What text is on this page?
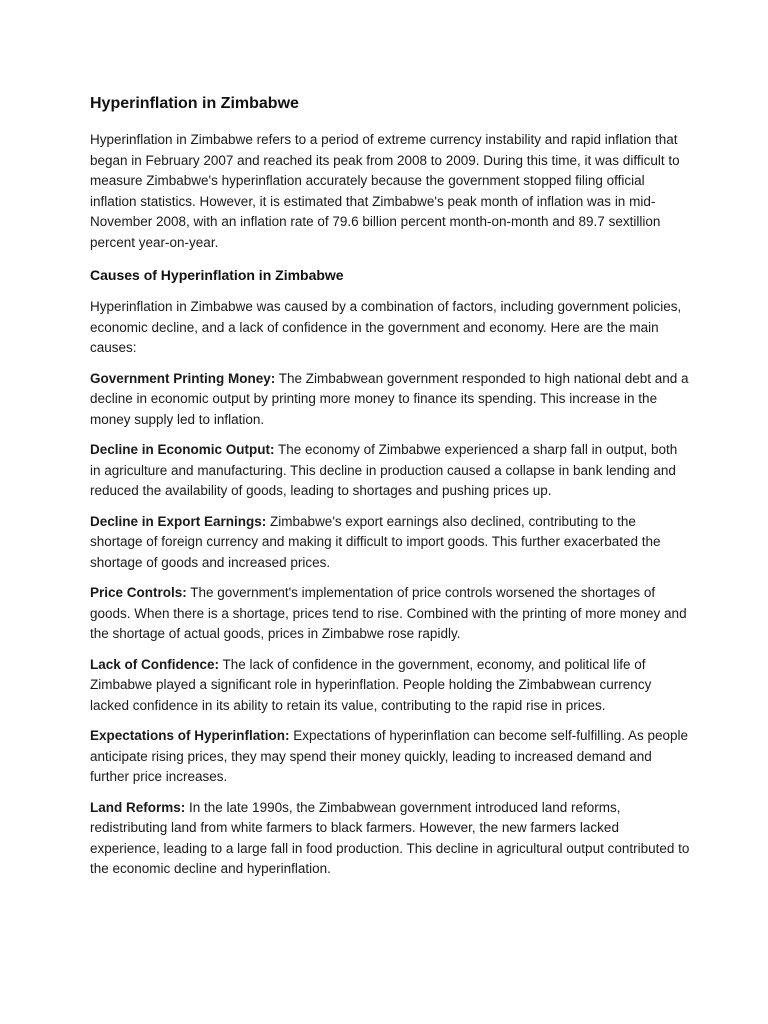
Hyperinflation in Zimbabwe

Hyperinflation in Zimbabwe refers to a period of extreme currency instability and rapid inflation that began in February 2007 and reached its peak from 2008 to 2009. During this time, it was difficult to measure Zimbabwe's hyperinflation accurately because the government stopped filing official inflation statistics. However, it is estimated that Zimbabwe's peak month of inflation was in mid-November 2008, with an inflation rate of 79.6 billion percent month-on-month and 89.7 sextillion percent year-on-year.

Causes of Hyperinflation in Zimbabwe

Hyperinflation in Zimbabwe was caused by a combination of factors, including government policies, economic decline, and a lack of confidence in the government and economy. Here are the main causes:

Government Printing Money: The Zimbabwean government responded to high national debt and a decline in economic output by printing more money to finance its spending. This increase in the money supply led to inflation.

Decline in Economic Output: The economy of Zimbabwe experienced a sharp fall in output, both in agriculture and manufacturing. This decline in production caused a collapse in bank lending and reduced the availability of goods, leading to shortages and pushing prices up.

Decline in Export Earnings: Zimbabwe's export earnings also declined, contributing to the shortage of foreign currency and making it difficult to import goods. This further exacerbated the shortage of goods and increased prices.

Price Controls: The government's implementation of price controls worsened the shortages of goods. When there is a shortage, prices tend to rise. Combined with the printing of more money and the shortage of actual goods, prices in Zimbabwe rose rapidly.

Lack of Confidence: The lack of confidence in the government, economy, and political life of Zimbabwe played a significant role in hyperinflation. People holding the Zimbabwean currency lacked confidence in its ability to retain its value, contributing to the rapid rise in prices.

Expectations of Hyperinflation: Expectations of hyperinflation can become self-fulfilling. As people anticipate rising prices, they may spend their money quickly, leading to increased demand and further price increases.

Land Reforms: In the late 1990s, the Zimbabwean government introduced land reforms, redistributing land from white farmers to black farmers. However, the new farmers lacked experience, leading to a large fall in food production. This decline in agricultural output contributed to the economic decline and hyperinflation.
